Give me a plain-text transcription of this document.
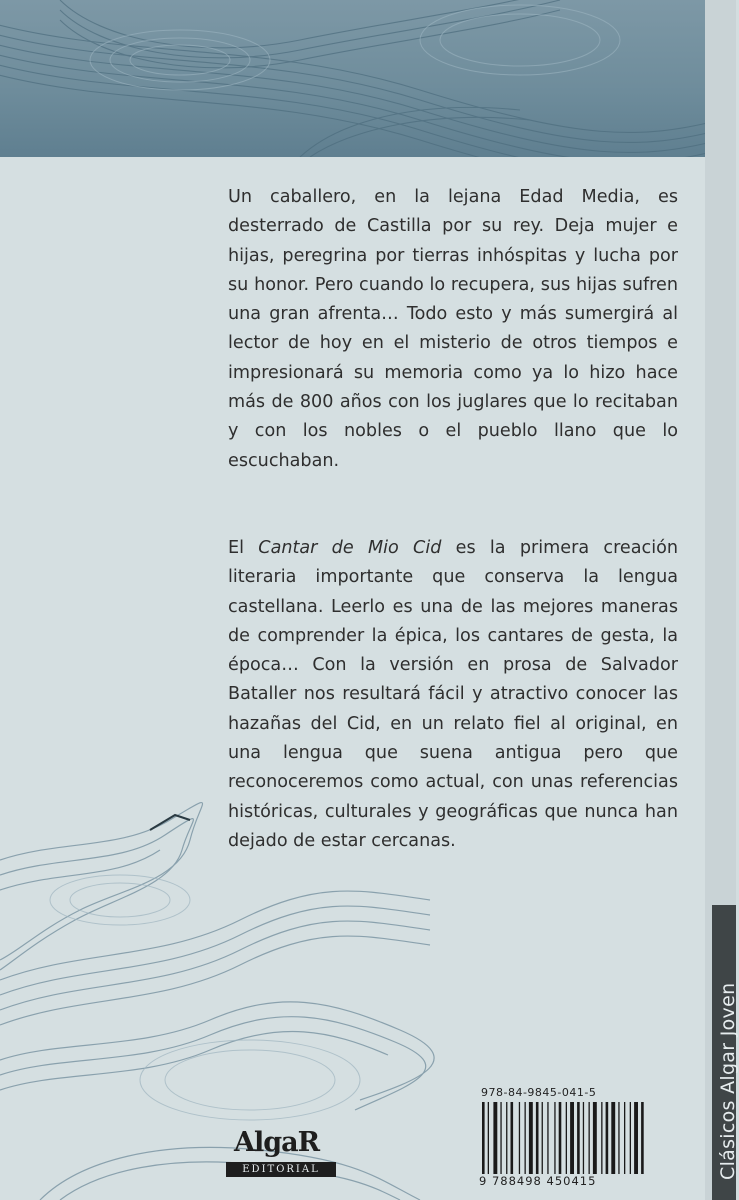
Un caballero, en la lejana Edad Media, es desterrado de Castilla por su rey. Deja mujer e hijas, peregrina por tierras inhóspitas y lucha por su honor. Pero cuando lo recupera, sus hijas sufren una gran afrenta… Todo esto y más sumergirá al lector de hoy en el misterio de otros tiempos e impresionará su memoria como ya lo hizo hace más de 800 años con los juglares que lo recitaban y con los nobles o el pueblo llano que lo escuchaban.

El Cantar de Mio Cid es la primera creación literaria importante que conserva la lengua castellana. Leerlo es una de las mejores maneras de comprender la épica, los cantares de gesta, la época… Con la versión en prosa de Salvador Bataller nos resultará fácil y atractivo conocer las hazañas del Cid, en un relato fiel al original, en una lengua que suena antigua pero que reconoceremos como actual, con unas referencias históricas, culturales y geográficas que nunca han dejado de estar cercanas.

Clásicos Algar Joven
AlgaR
EDITORIAL
978-84-9845-041-5
9 788498 450415
